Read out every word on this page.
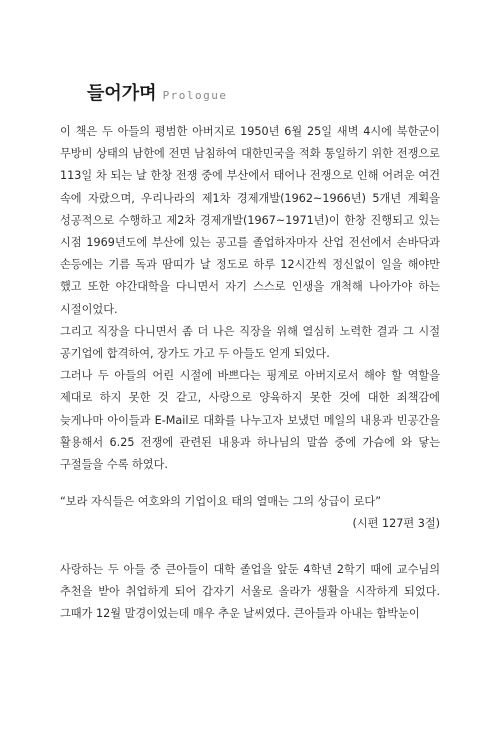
들어가며 Prologue

이 책은 두 아들의 평범한 아버지로 1950년 6월 25일 새벽 4시에 북한군이 무방비 상태의 남한에 전면 남침하여 대한민국을 적화 통일하기 위한 전쟁으로 113일 차 되는 날 한창 전쟁 중에 부산에서 태어나 전쟁으로 인해 어려운 여건 속에 자랐으며, 우리나라의 제1차 경제개발(1962~1966년) 5개년 계획을 성공적으로 수행하고 제2차 경제개발(1967~1971년)이 한창 진행되고 있는 시점 1969년도에 부산에 있는 공고를 졸업하자마자 산업 전선에서 손바닥과 손등에는 기름 독과 땀띠가 날 정도로 하루 12시간씩 정신없이 일을 해야만 했고 또한 야간대학을 다니면서 자기 스스로 인생을 개척해 나아가야 하는 시절이었다.

그리고 직장을 다니면서 좀 더 나은 직장을 위해 열심히 노력한 결과 그 시절 공기업에 합격하여, 장가도 가고 두 아들도 얻게 되었다.

그러나 두 아들의 어린 시절에 바쁘다는 핑계로 아버지로서 해야 할 역할을 제대로 하지 못한 것 같고, 사랑으로 양육하지 못한 것에 대한 죄책감에 늦게나마 아이들과 E-Mail로 대화를 나누고자 보냈던 메일의 내용과 빈공간을 활용해서 6.25 전쟁에 관련된 내용과 하나님의 말씀 중에 가슴에 와 닿는 구절들을 수록 하였다.

“보라 자식들은 여호와의 기업이요 태의 열매는 그의 상급이 로다”

(시편 127편 3절)

사랑하는 두 아들 중 큰아들이 대학 졸업을 앞둔 4학년 2학기 때에 교수님의 추천을 받아 취업하게 되어 갑자기 서울로 올라가 생활을 시작하게 되었다. 그때가 12월 말경이었는데 매우 추운 날씨였다. 큰아들과 아내는 함박눈이
